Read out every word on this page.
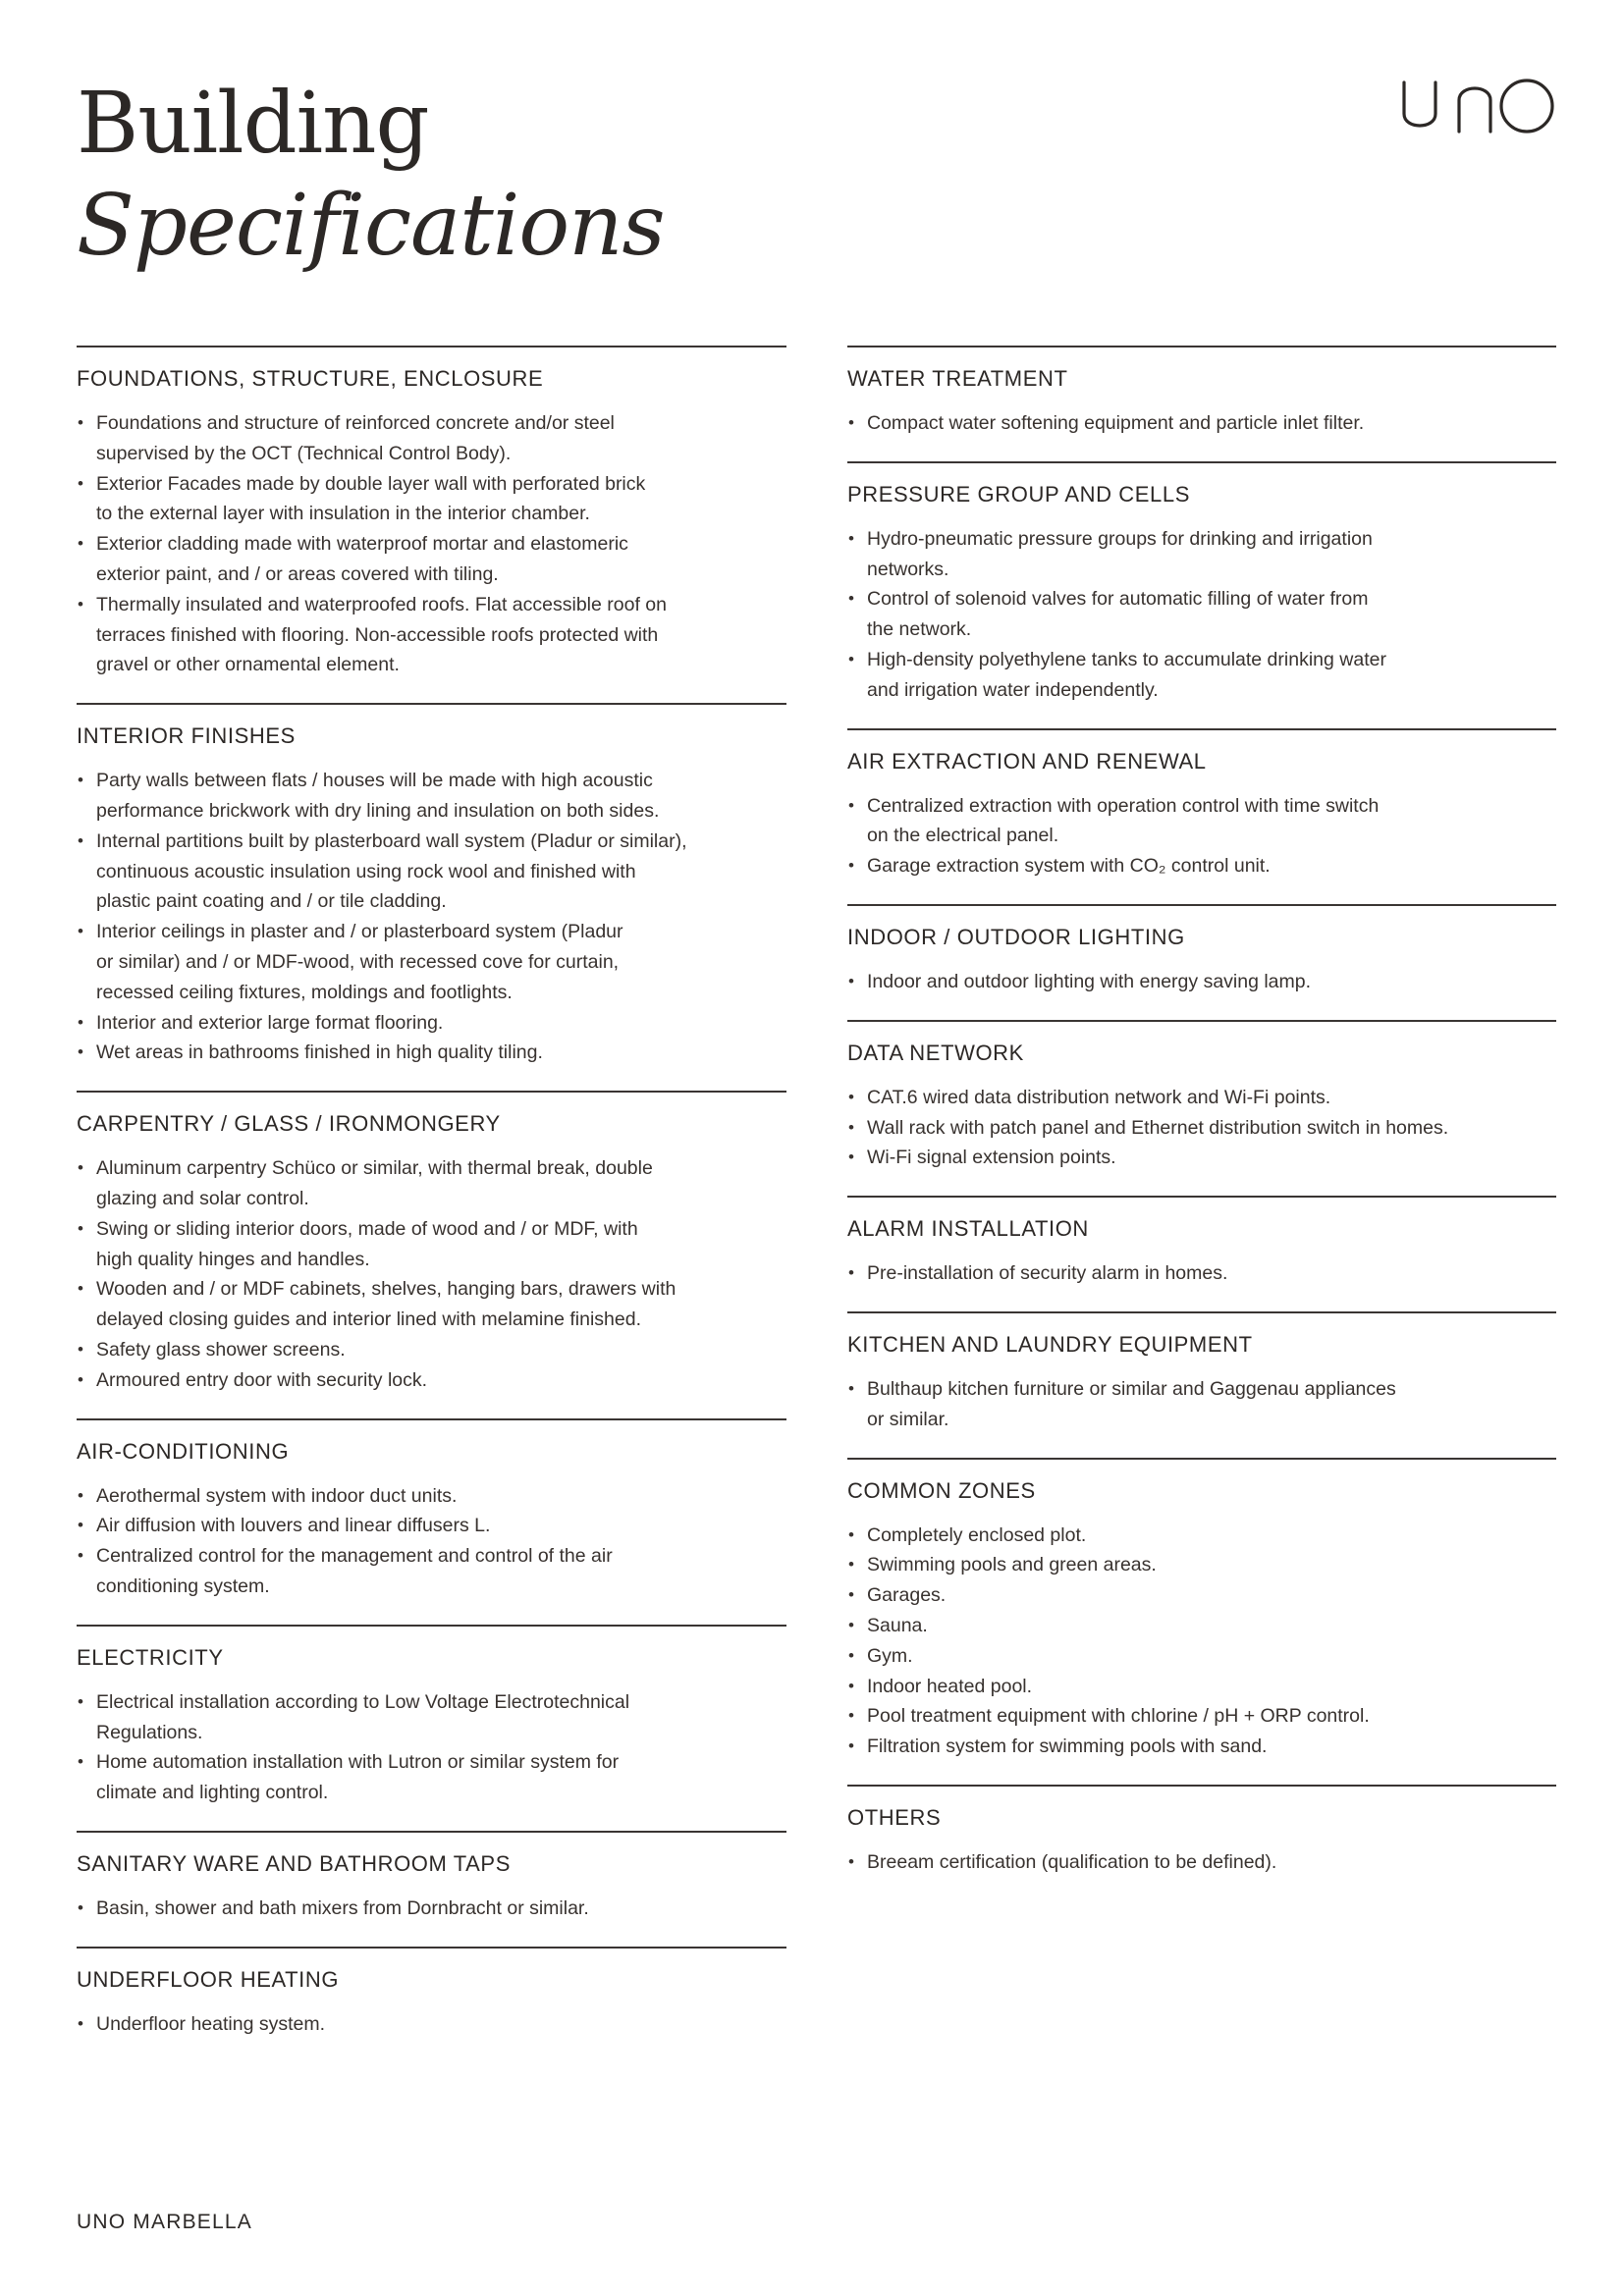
Building
Specifications
FOUNDATIONS, STRUCTURE, ENCLOSURE
• Foundations and structure of reinforced concrete and/or steel
supervised by the OCT (Technical Control Body).
• Exterior Facades made by double layer wall with perforated brick
to the external layer with insulation in the interior chamber.
• Exterior cladding made with waterproof mortar and elastomeric
exterior paint, and / or areas covered with tiling.
• Thermally insulated and waterproofed roofs. Flat accessible roof on
terraces finished with flooring. Non-accessible roofs protected with
gravel or other ornamental element.
INTERIOR FINISHES
• Party walls between flats / houses will be made with high acoustic
performance brickwork with dry lining and insulation on both sides.
• Internal partitions built by plasterboard wall system (Pladur or similar),
continuous acoustic insulation using rock wool and finished with
plastic paint coating and / or tile cladding.
• Interior ceilings in plaster and / or plasterboard system (Pladur
or similar) and / or MDF-wood, with recessed cove for curtain,
recessed ceiling fixtures, moldings and footlights.
• Interior and exterior large format flooring.
• Wet areas in bathrooms finished in high quality tiling.
CARPENTRY / GLASS / IRONMONGERY
• Aluminum carpentry Schüco or similar, with thermal break, double
glazing and solar control.
• Swing or sliding interior doors, made of wood and / or MDF, with
high quality hinges and handles.
• Wooden and / or MDF cabinets, shelves, hanging bars, drawers with
delayed closing guides and interior lined with melamine finished.
• Safety glass shower screens.
• Armoured entry door with security lock.
AIR-CONDITIONING
• Aerothermal system with indoor duct units.
• Air diffusion with louvers and linear diffusers L.
• Centralized control for the management and control of the air
conditioning system.
ELECTRICITY
• Electrical installation according to Low Voltage Electrotechnical
Regulations.
• Home automation installation with Lutron or similar system for
climate and lighting control.
SANITARY WARE AND BATHROOM TAPS
• Basin, shower and bath mixers from Dornbracht or similar.
UNDERFLOOR HEATING
• Underfloor heating system.
WATER TREATMENT
• Compact water softening equipment and particle inlet filter.
PRESSURE GROUP AND CELLS
• Hydro-pneumatic pressure groups for drinking and irrigation
networks.
• Control of solenoid valves for automatic filling of water from
the network.
• High-density polyethylene tanks to accumulate drinking water
and irrigation water independently.
AIR EXTRACTION AND RENEWAL
• Centralized extraction with operation control with time switch
on the electrical panel.
• Garage extraction system with CO₂ control unit.
INDOOR / OUTDOOR LIGHTING
• Indoor and outdoor lighting with energy saving lamp.
DATA NETWORK
• CAT.6 wired data distribution network and Wi-Fi points.
• Wall rack with patch panel and Ethernet distribution switch in homes.
• Wi-Fi signal extension points.
ALARM INSTALLATION
• Pre-installation of security alarm in homes.
KITCHEN AND LAUNDRY EQUIPMENT
• Bulthaup kitchen furniture or similar and Gaggenau appliances
or similar.
COMMON ZONES
• Completely enclosed plot.
• Swimming pools and green areas.
• Garages.
• Sauna.
• Gym.
• Indoor heated pool.
• Pool treatment equipment with chlorine / pH + ORP control.
• Filtration system for swimming pools with sand.
OTHERS
• Breeam certification (qualification to be defined).
UNO MARBELLA
